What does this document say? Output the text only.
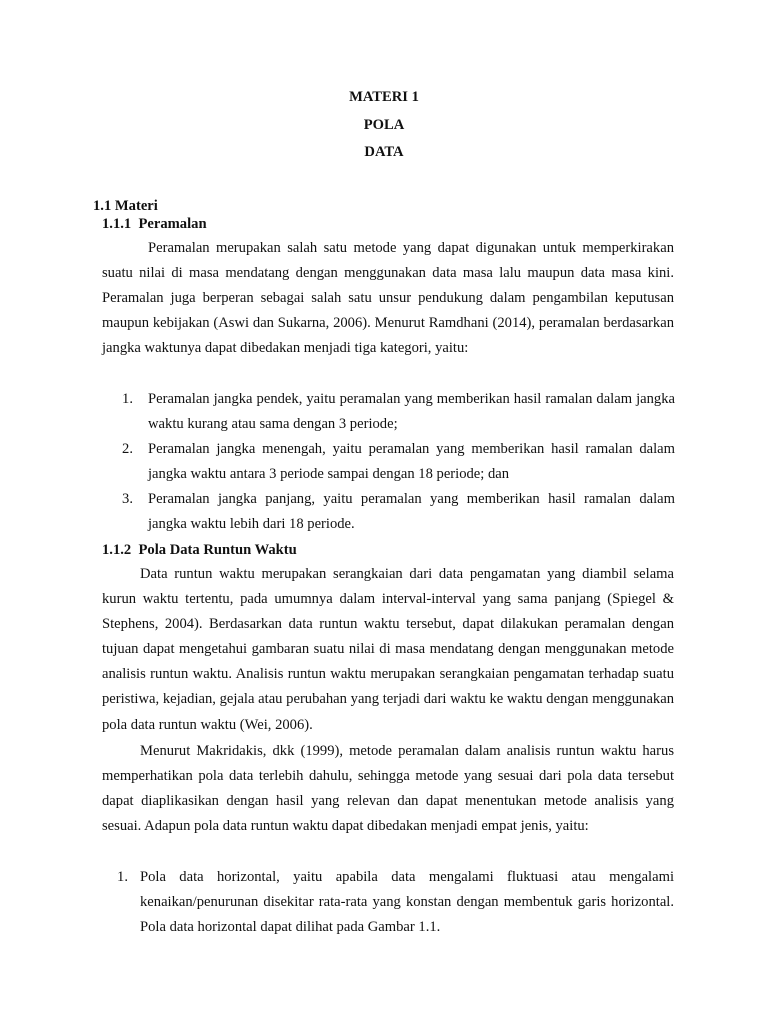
MATERI 1
POLA
DATA
1.1 Materi
1.1.1  Peramalan
Peramalan merupakan salah satu metode yang dapat digunakan untuk memperkirakan suatu nilai di masa mendatang dengan menggunakan data masa lalu maupun data masa kini. Peramalan juga berperan sebagai salah satu unsur pendukung dalam pengambilan keputusan maupun kebijakan (Aswi dan Sukarna, 2006). Menurut Ramdhani (2014), peramalan berdasarkan jangka waktunya dapat dibedakan menjadi tiga kategori, yaitu:
1. Peramalan jangka pendek, yaitu peramalan yang memberikan hasil ramalan dalam jangka waktu kurang atau sama dengan 3 periode;
2. Peramalan jangka menengah, yaitu peramalan yang memberikan hasil ramalan dalam jangka waktu antara 3 periode sampai dengan 18 periode; dan
3. Peramalan jangka panjang, yaitu peramalan yang memberikan hasil ramalan dalam jangka waktu lebih dari 18 periode.
1.1.2  Pola Data Runtun Waktu
Data runtun waktu merupakan serangkaian dari data pengamatan yang diambil selama kurun waktu tertentu, pada umumnya dalam interval-interval yang sama panjang (Spiegel & Stephens, 2004). Berdasarkan data runtun waktu tersebut, dapat dilakukan peramalan dengan tujuan dapat mengetahui gambaran suatu nilai di masa mendatang dengan menggunakan metode analisis runtun waktu. Analisis runtun waktu merupakan serangkaian pengamatan terhadap suatu peristiwa, kejadian, gejala atau perubahan yang terjadi dari waktu ke waktu dengan menggunakan pola data runtun waktu (Wei, 2006).
Menurut Makridakis, dkk (1999), metode peramalan dalam analisis runtun waktu harus memperhatikan pola data terlebih dahulu, sehingga metode yang sesuai dari pola data tersebut dapat diaplikasikan dengan hasil yang relevan dan dapat menentukan metode analisis yang sesuai. Adapun pola data runtun waktu dapat dibedakan menjadi empat jenis, yaitu:
1. Pola data horizontal, yaitu apabila data mengalami fluktuasi atau mengalami kenaikan/penurunan disekitar rata-rata yang konstan dengan membentuk garis horizontal. Pola data horizontal dapat dilihat pada Gambar 1.1.
